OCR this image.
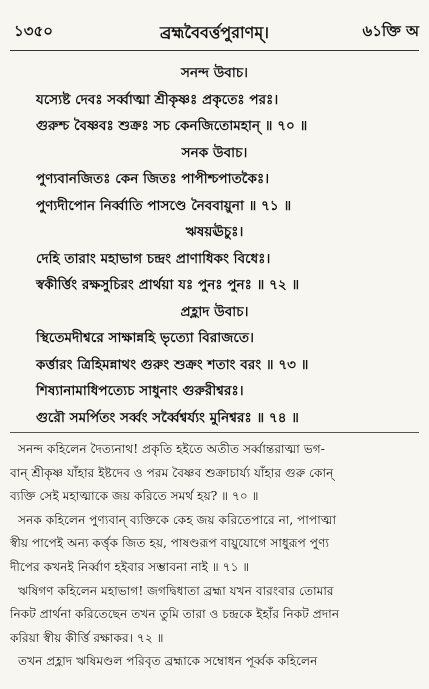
১৩৫০	ব্রহ্মবৈবর্ত্তপুরাণম্।	৬১ক্তি অ
সনন্দ উবাচ।
যস্যেষ্ট দেবঃ সর্ব্বাত্মা শ্রীকৃষ্ণঃ প্রকৃতেঃ পরঃ।
গুরুশ্চ বৈষ্ণবঃ শুক্রঃ সচ কেনজিতোমহান্ ॥ ৭০ ॥
সনক উবাচ।
পুণ্যবানজিতঃ কেন জিতঃ পাপীশ্চপাতকৈঃ।
পুণ্যদীপোন নির্ব্বাতি পাসণ্ডে নৈববায়ুনা ॥ ৭১ ॥
ঋষয়ঊচুঃ।
দেহি তারাং মহাভাগ চন্দ্রং প্রাণাধিকং বিধেঃ।
স্বকীর্ত্তিং রক্ষসুচিরং প্রার্থয়া যঃ পুনঃ পুনঃ ॥ ৭২ ॥
প্রহ্লাদ উবাচ।
স্থিতেমদীশ্বরে সাক্ষান্নহি ভৃত্যো বিরাজতে।
কর্ত্তারং ত্রিহিমন্নাথং গুরুং শুক্রং শতাং বরং ॥ ৭৩ ॥
শিষ্যানামাধিপত্যেচ সাধুনাং গুরুরীশ্বরঃ।
গুরৌ সমর্পিতং সর্ব্বং সর্ব্বৈশ্বর্য্যং মুনিশ্বরঃ ॥ ৭৪ ॥
সনন্দ কহিলেন দৈত্যনাথ! প্রকৃতি হইতে অতীত সর্ব্বান্তরাত্মা ভগ-
বান্ শ্রীকৃষ্ণ যাঁহার ইষ্টদেব ও পরম বৈষ্ণব শুক্রাচার্য্য যাঁহার গুরু কোন্
ব্যক্তি সেই মহাত্মাকে জয় করিতে সমর্থ হয়? ॥ ৭০ ॥
সনক কহিলেন পুণ্যবান্ ব্যক্তিকে কেহ জয় করিতেপারে না, পাপাত্মা
স্বীয় পাপেই অন্য কর্ত্তৃক জিত হয়, পাষণ্ডরূপ বায়ুযোগে সাধুরূপ পুণ্য
দীপের কখনই নির্ব্বাণ হইবার সম্ভাবনা নাই ॥ ৭১ ॥
ঋষিগণ কহিলেন মহাভাগ! জগদ্বিধাতা ব্রহ্মা যখন বারংবার তোমার
নিকট প্রার্থনা করিতেছেন তখন তুমি তারা ও চন্দ্রকে ইহাঁর নিকট প্রদান
করিয়া স্বীয় কীর্ত্তি রক্ষাকর। ৭২ ॥
তখন প্রহ্লাদ ঋষিমণ্ডল পরিবৃত ব্রহ্মাকে সম্বোধন পূর্ব্বক কহিলেন
